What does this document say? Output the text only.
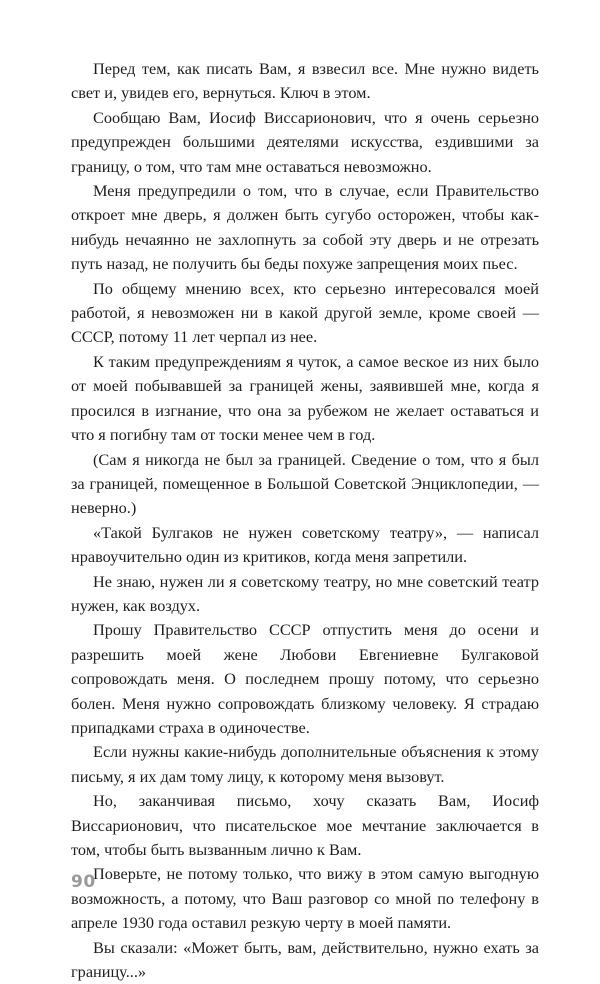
Перед тем, как писать Вам, я взвесил все. Мне нужно видеть свет и, увидев его, вернуться. Ключ в этом.

Сообщаю Вам, Иосиф Виссарионович, что я очень серьезно предупрежден большими деятелями искусства, ездившими за границу, о том, что там мне оставаться невозможно.

Меня предупредили о том, что в случае, если Правительство откроет мне дверь, я должен быть сугубо осторожен, чтобы как-нибудь нечаянно не захлопнуть за собой эту дверь и не отрезать путь назад, не получить бы беды похуже запрещения моих пьес.

По общему мнению всех, кто серьезно интересовался моей работой, я невозможен ни в какой другой земле, кроме своей — СССР, потому 11 лет черпал из нее.

К таким предупреждениям я чуток, а самое веское из них было от моей побывавшей за границей жены, заявившей мне, когда я просился в изгнание, что она за рубежом не желает оставаться и что я погибну там от тоски менее чем в год.

(Сам я никогда не был за границей. Сведение о том, что я был за границей, помещенное в Большой Советской Энциклопедии, — неверно.)

«Такой Булгаков не нужен советскому театру», — написал нравоучительно один из критиков, когда меня запретили.

Не знаю, нужен ли я советскому театру, но мне советский театр нужен, как воздух.

Прошу Правительство СССР отпустить меня до осени и разрешить моей жене Любови Евгениевне Булгаковой сопровождать меня. О последнем прошу потому, что серьезно болен. Меня нужно сопровождать близкому человеку. Я страдаю припадками страха в одиночестве.

Если нужны какие-нибудь дополнительные объяснения к этому письму, я их дам тому лицу, к которому меня вызовут.

Но, заканчивая письмо, хочу сказать Вам, Иосиф Виссарионович, что писательское мое мечтание заключается в том, чтобы быть вызванным лично к Вам.

Поверьте, не потому только, что вижу в этом самую выгодную возможность, а потому, что Ваш разговор со мной по телефону в апреле 1930 года оставил резкую черту в моей памяти.

Вы сказали: «Может быть, вам, действительно, нужно ехать за границу...»

90
